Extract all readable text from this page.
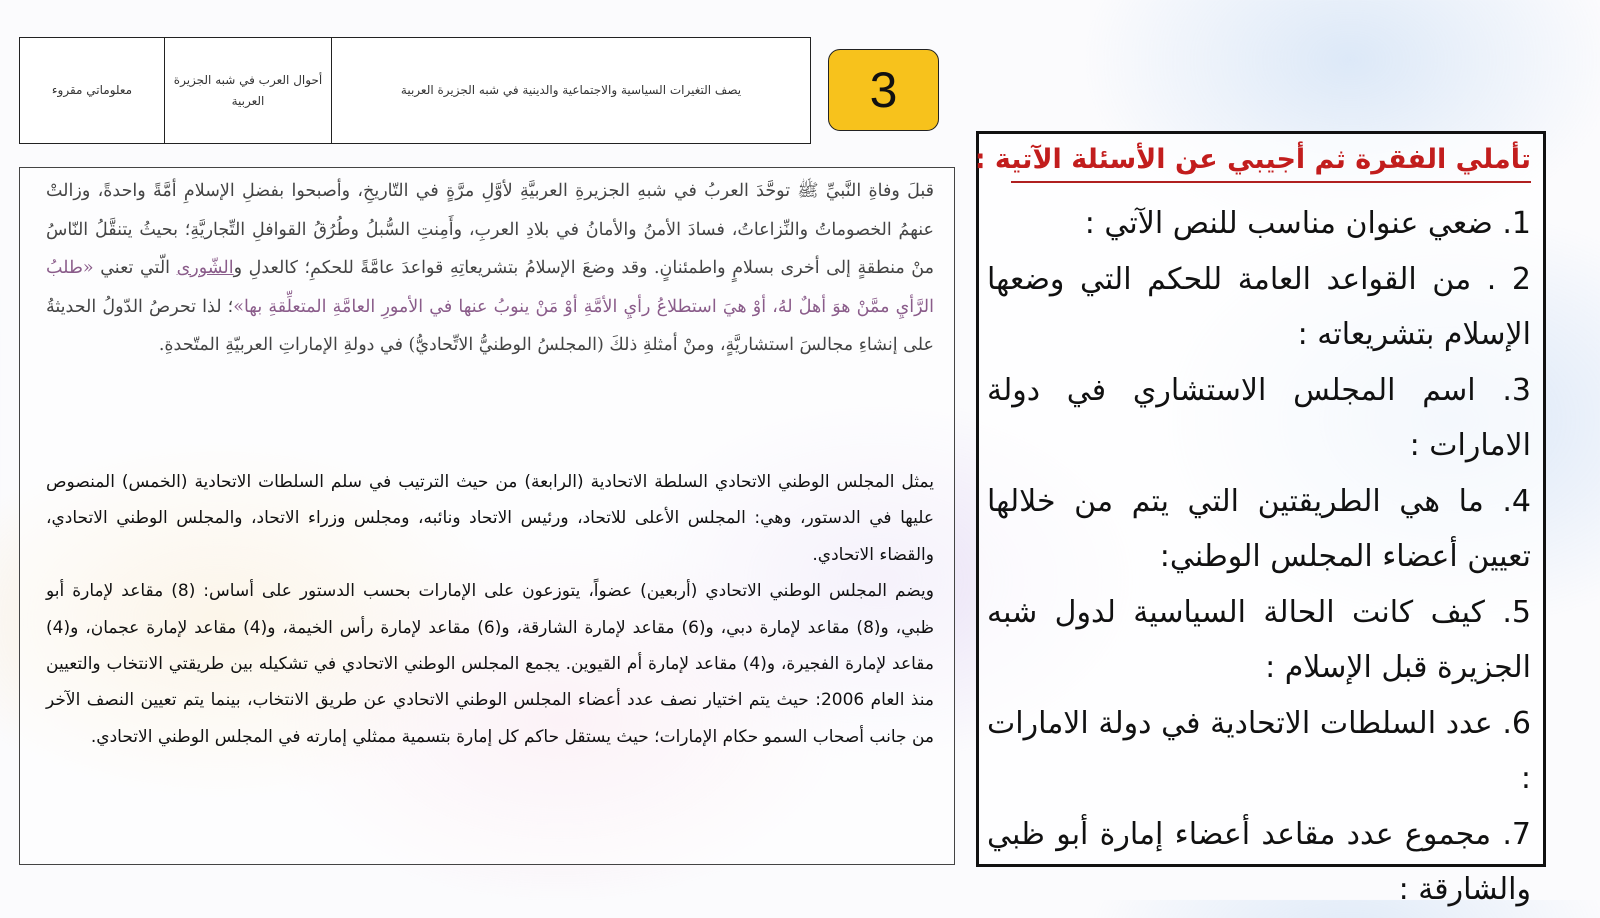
يصف التغيرات السياسية والاجتماعية والدينية في شبه الجزيرة العربية
أحوال العرب في شبه الجزيرة العربية
معلوماتي مقروء	3

قبلَ وفاةِ النَّبيِّ ﷺ توحَّدَ العربُ في شبهِ الجزيرةِ العربيَّةِ لأوَّلِ مرَّةٍ في التّاريخِ، وأصبحوا بفضلِ الإسلامِ أمَّةً واحدةً، وزالتْ عنهمُ الخصوماتُ والنِّزاعاتُ، فسادَ الأمنُ والأمانُ في بلادِ العربِ، وأَمِنتِ السُّبلُ وطُرُقُ القوافلِ التِّجاريَّةِ؛ بحيثُ يتنقَّلُ النّاسُ منْ منطقةٍ إلى أخرى بسلامٍ واطمئنانٍ. وقد وضعَ الإسلامُ بتشريعاتِهِ قواعدَ عامَّةً للحكمِ؛ كالعدلِ والشّورى الّتي تعني «طلبُ الرَّأيِ ممَّنْ هوَ أهلٌ لهُ، أوْ هيَ استطلاعُ رأيِ الأمَّةِ أوْ مَنْ ينوبُ عنها في الأمورِ العامَّةِ المتعلِّقةِ بها»؛ لذا تحرصُ الدّولُ الحديثةُ على إنشاءِ مجالسَ استشاريَّةٍ، ومنْ أمثلةِ ذلكَ (المجلسُ الوطنيُّ الاتِّحاديُّ) في دولةِ الإماراتِ العربيّةِ المتّحدةِ.

يمثل المجلس الوطني الاتحادي السلطة الاتحادية (الرابعة) من حيث الترتيب في سلم السلطات الاتحادية (الخمس) المنصوص عليها في الدستور، وهي: المجلس الأعلى للاتحاد، ورئيس الاتحاد ونائبه، ومجلس وزراء الاتحاد، والمجلس الوطني الاتحادي، والقضاء الاتحادي.

ويضم المجلس الوطني الاتحادي (أربعين) عضواً، يتوزعون على الإمارات بحسب الدستور على أساس: (8) مقاعد لإمارة أبو ظبي، و(8) مقاعد لإمارة دبي، و(6) مقاعد لإمارة الشارقة، و(6) مقاعد لإمارة رأس الخيمة، و(4) مقاعد لإمارة عجمان، و(4) مقاعد لإمارة الفجيرة، و(4) مقاعد لإمارة أم القيوين. يجمع المجلس الوطني الاتحادي في تشكيله بين طريقتي الانتخاب والتعيين منذ العام 2006: حيث يتم اختيار نصف عدد أعضاء المجلس الوطني الاتحادي عن طريق الانتخاب، بينما يتم تعيين النصف الآخر من جانب أصحاب السمو حكام الإمارات؛ حيث يستقل حاكم كل إمارة بتسمية ممثلي إمارته في المجلس الوطني الاتحادي.

تأملي الفقرة ثم أجيبي عن الأسئلة الآتية :
1. ضعي عنوان مناسب للنص الآتي :
2 . من القواعد العامة للحكم التي وضعها الإسلام بتشريعاته :
3. اسم المجلس الاستشاري في دولة الامارات :
4. ما هي الطريقتين التي يتم من خلالها تعيين أعضاء المجلس الوطني:
5. كيف كانت الحالة السياسية لدول شبه الجزيرة قبل الإسلام :
6. عدد السلطات الاتحادية في دولة الامارات :
7. مجموع عدد مقاعد أعضاء إمارة أبو ظبي والشارقة :
